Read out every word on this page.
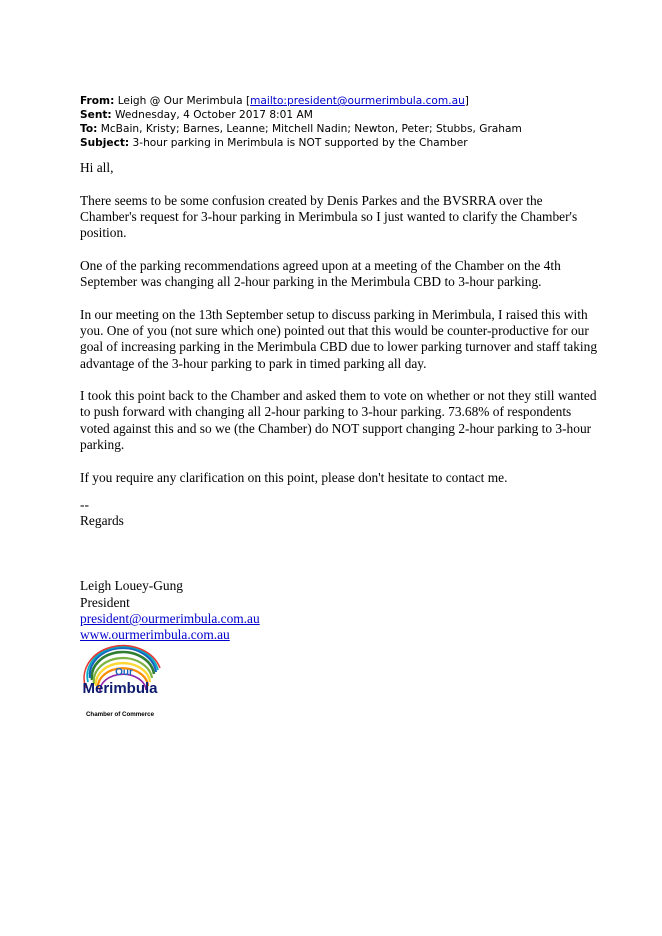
From: Leigh @ Our Merimbula [mailto:president@ourmerimbula.com.au]
Sent: Wednesday, 4 October 2017 8:01 AM
To: McBain, Kristy; Barnes, Leanne; Mitchell Nadin; Newton, Peter; Stubbs, Graham
Subject: 3-hour parking in Merimbula is NOT supported by the Chamber

Hi all,

There seems to be some confusion created by Denis Parkes and the BVSRRA over the Chamber's request for 3-hour parking in Merimbula so I just wanted to clarify the Chamber's position.

One of the parking recommendations agreed upon at a meeting of the Chamber on the 4th September was changing all 2-hour parking in the Merimbula CBD to 3-hour parking.

In our meeting on the 13th September setup to discuss parking in Merimbula, I raised this with you. One of you (not sure which one) pointed out that this would be counter-productive for our goal of increasing parking in the Merimbula CBD due to lower parking turnover and staff taking advantage of the 3-hour parking to park in timed parking all day.

I took this point back to the Chamber and asked them to vote on whether or not they still wanted to push forward with changing all 2-hour parking to 3-hour parking. 73.68% of respondents voted against this and so we (the Chamber) do NOT support changing 2-hour parking to 3-hour parking.

If you require any clarification on this point, please don't hesitate to contact me.

--
Regards
Leigh Louey-Gung
President
president@ourmerimbula.com.au
www.ourmerimbula.com.au
Our
Merimbula
Chamber of Commerce
